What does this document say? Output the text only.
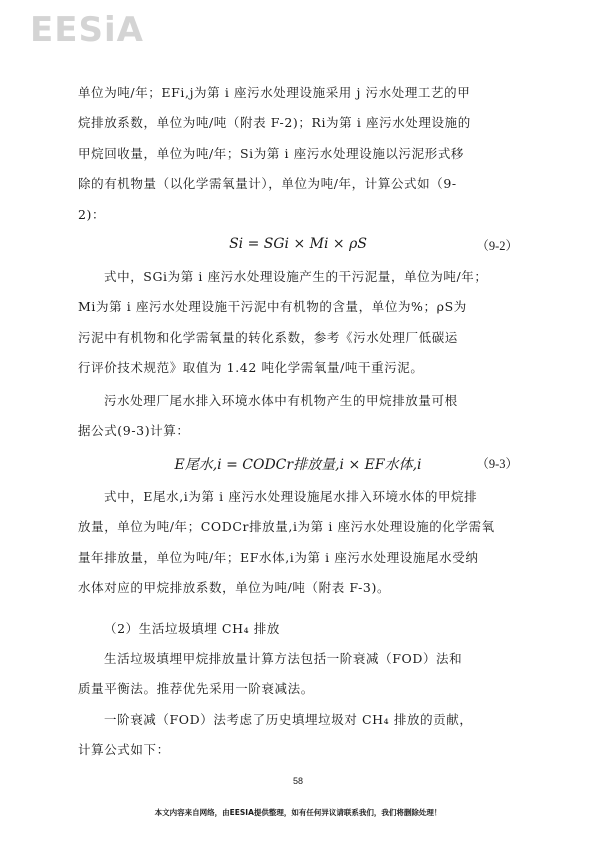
EESiA
单位为吨/年；EFi,j为第 i 座污水处理设施采用 j 污水处理工艺的甲
烷排放系数，单位为吨/吨（附表 F-2)；Ri为第 i 座污水处理设施的
甲烷回收量，单位为吨/年；Si为第 i 座污水处理设施以污泥形式移
除的有机物量（以化学需氧量计），单位为吨/年，计算公式如（9-
2)：
Si = SGi × Mi × ρS	（9-2）
式中，SGi为第 i 座污水处理设施产生的干污泥量，单位为吨/年；
Mi为第 i 座污水处理设施干污泥中有机物的含量，单位为%；ρS为
污泥中有机物和化学需氧量的转化系数，参考《污水处理厂低碳运
行评价技术规范》取值为 1.42 吨化学需氧量/吨干重污泥。
污水处理厂尾水排入环境水体中有机物产生的甲烷排放量可根
据公式(9-3)计算：
E尾水,i = CODCr排放量,i × EF水体,i	（9-3）
式中，E尾水,i为第 i 座污水处理设施尾水排入环境水体的甲烷排
放量，单位为吨/年；CODCr排放量,i为第 i 座污水处理设施的化学需氧
量年排放量，单位为吨/年；EF水体,i为第 i 座污水处理设施尾水受纳
水体对应的甲烷排放系数，单位为吨/吨（附表 F-3)。
（2）生活垃圾填埋 CH₄ 排放
生活垃圾填埋甲烷排放量计算方法包括一阶衰减（FOD）法和
质量平衡法。推荐优先采用一阶衰减法。
一阶衰减（FOD）法考虑了历史填埋垃圾对 CH₄ 排放的贡献，
计算公式如下：
58
本文内容来自网络，由EESIA提供整理，如有任何异议请联系我们，我们将删除处理！
